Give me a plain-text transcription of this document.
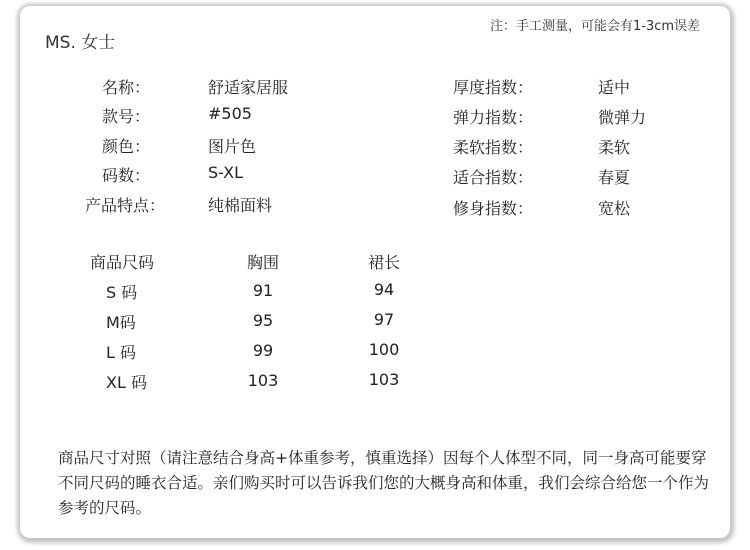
MS. 女士
注：手工测量，可能会有1-3cm误差
名称：	舒适家居服
款号：	#505
颜色：	图片色
码数：	S-XL
产品特点：	纯棉面料
厚度指数：	适中
弹力指数：	微弹力
柔软指数：	柔软
适合指数：	春夏
修身指数：	宽松
商品尺码	胸围	裙长
S 码	91	94
M码	95	97
L 码	99	100
XL 码	103	103
商品尺寸对照（请注意结合身高+体重参考，慎重选择）因每个人体型不同，同一身高可能要穿不同尺码的睡衣合适。亲们购买时可以告诉我们您的大概身高和体重，我们会综合给您一个作为参考的尺码。
